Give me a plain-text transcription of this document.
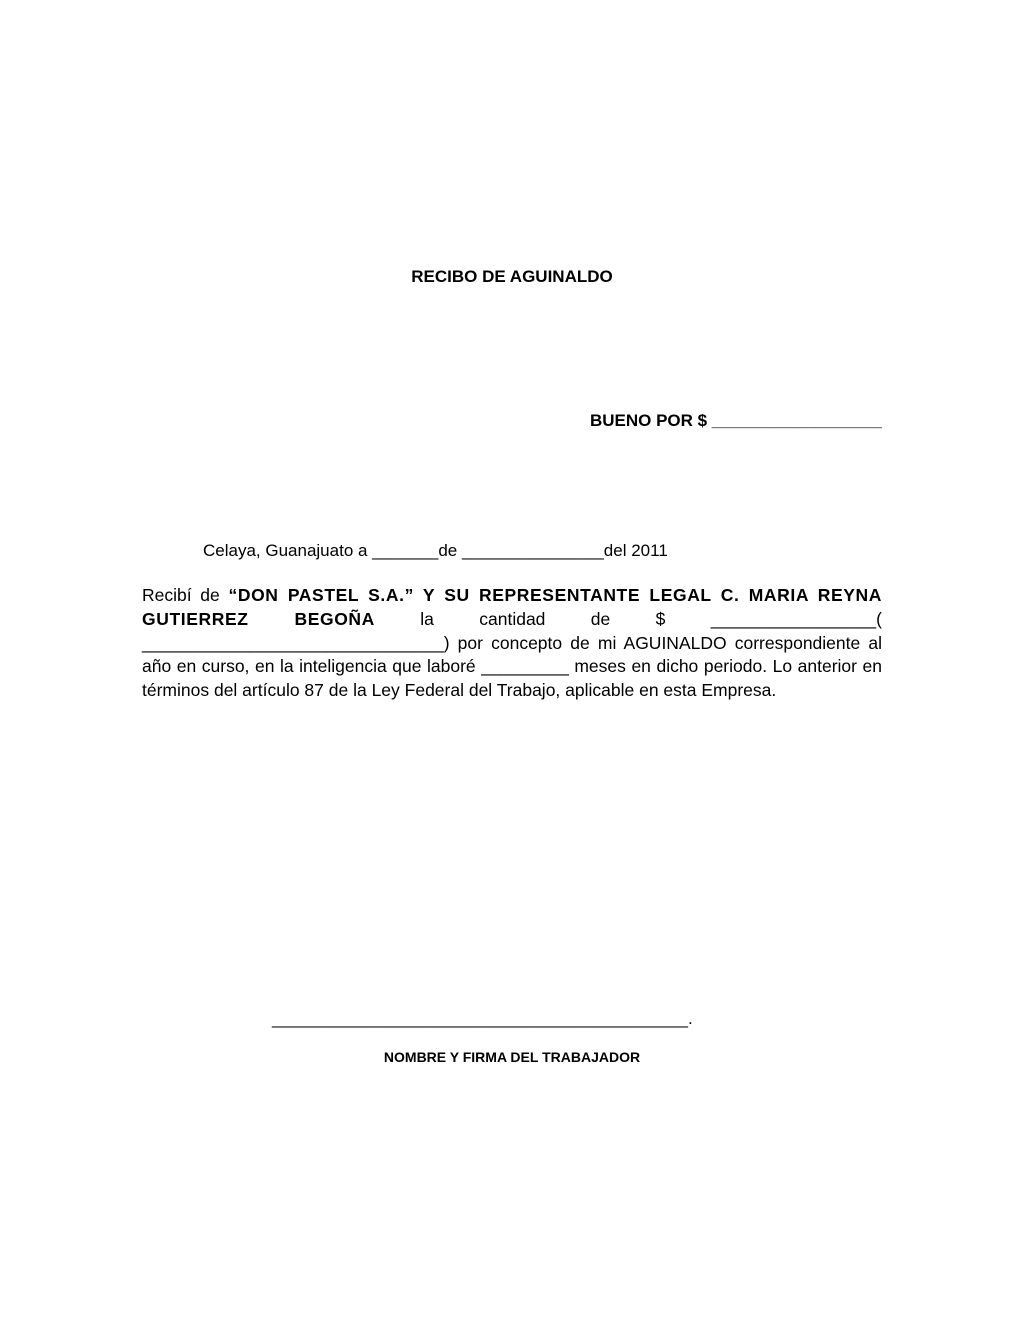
RECIBO DE AGUINALDO
BUENO POR $ __________________
Celaya, Guanajuato a _______de _______________del 2011
Recibí de “DON PASTEL S.A.” Y SU REPRESENTANTE LEGAL C. MARIA REYNA GUTIERREZ BEGOÑA la cantidad de $ _________________( _______________________________) por concepto de mi AGUINALDO correspondiente al año en curso, en la inteligencia que laboré _________ meses en dicho periodo. Lo anterior en términos del artículo 87 de la Ley Federal del Trabajo, aplicable en esta Empresa.
____________________________________________.
NOMBRE Y FIRMA DEL TRABAJADOR
